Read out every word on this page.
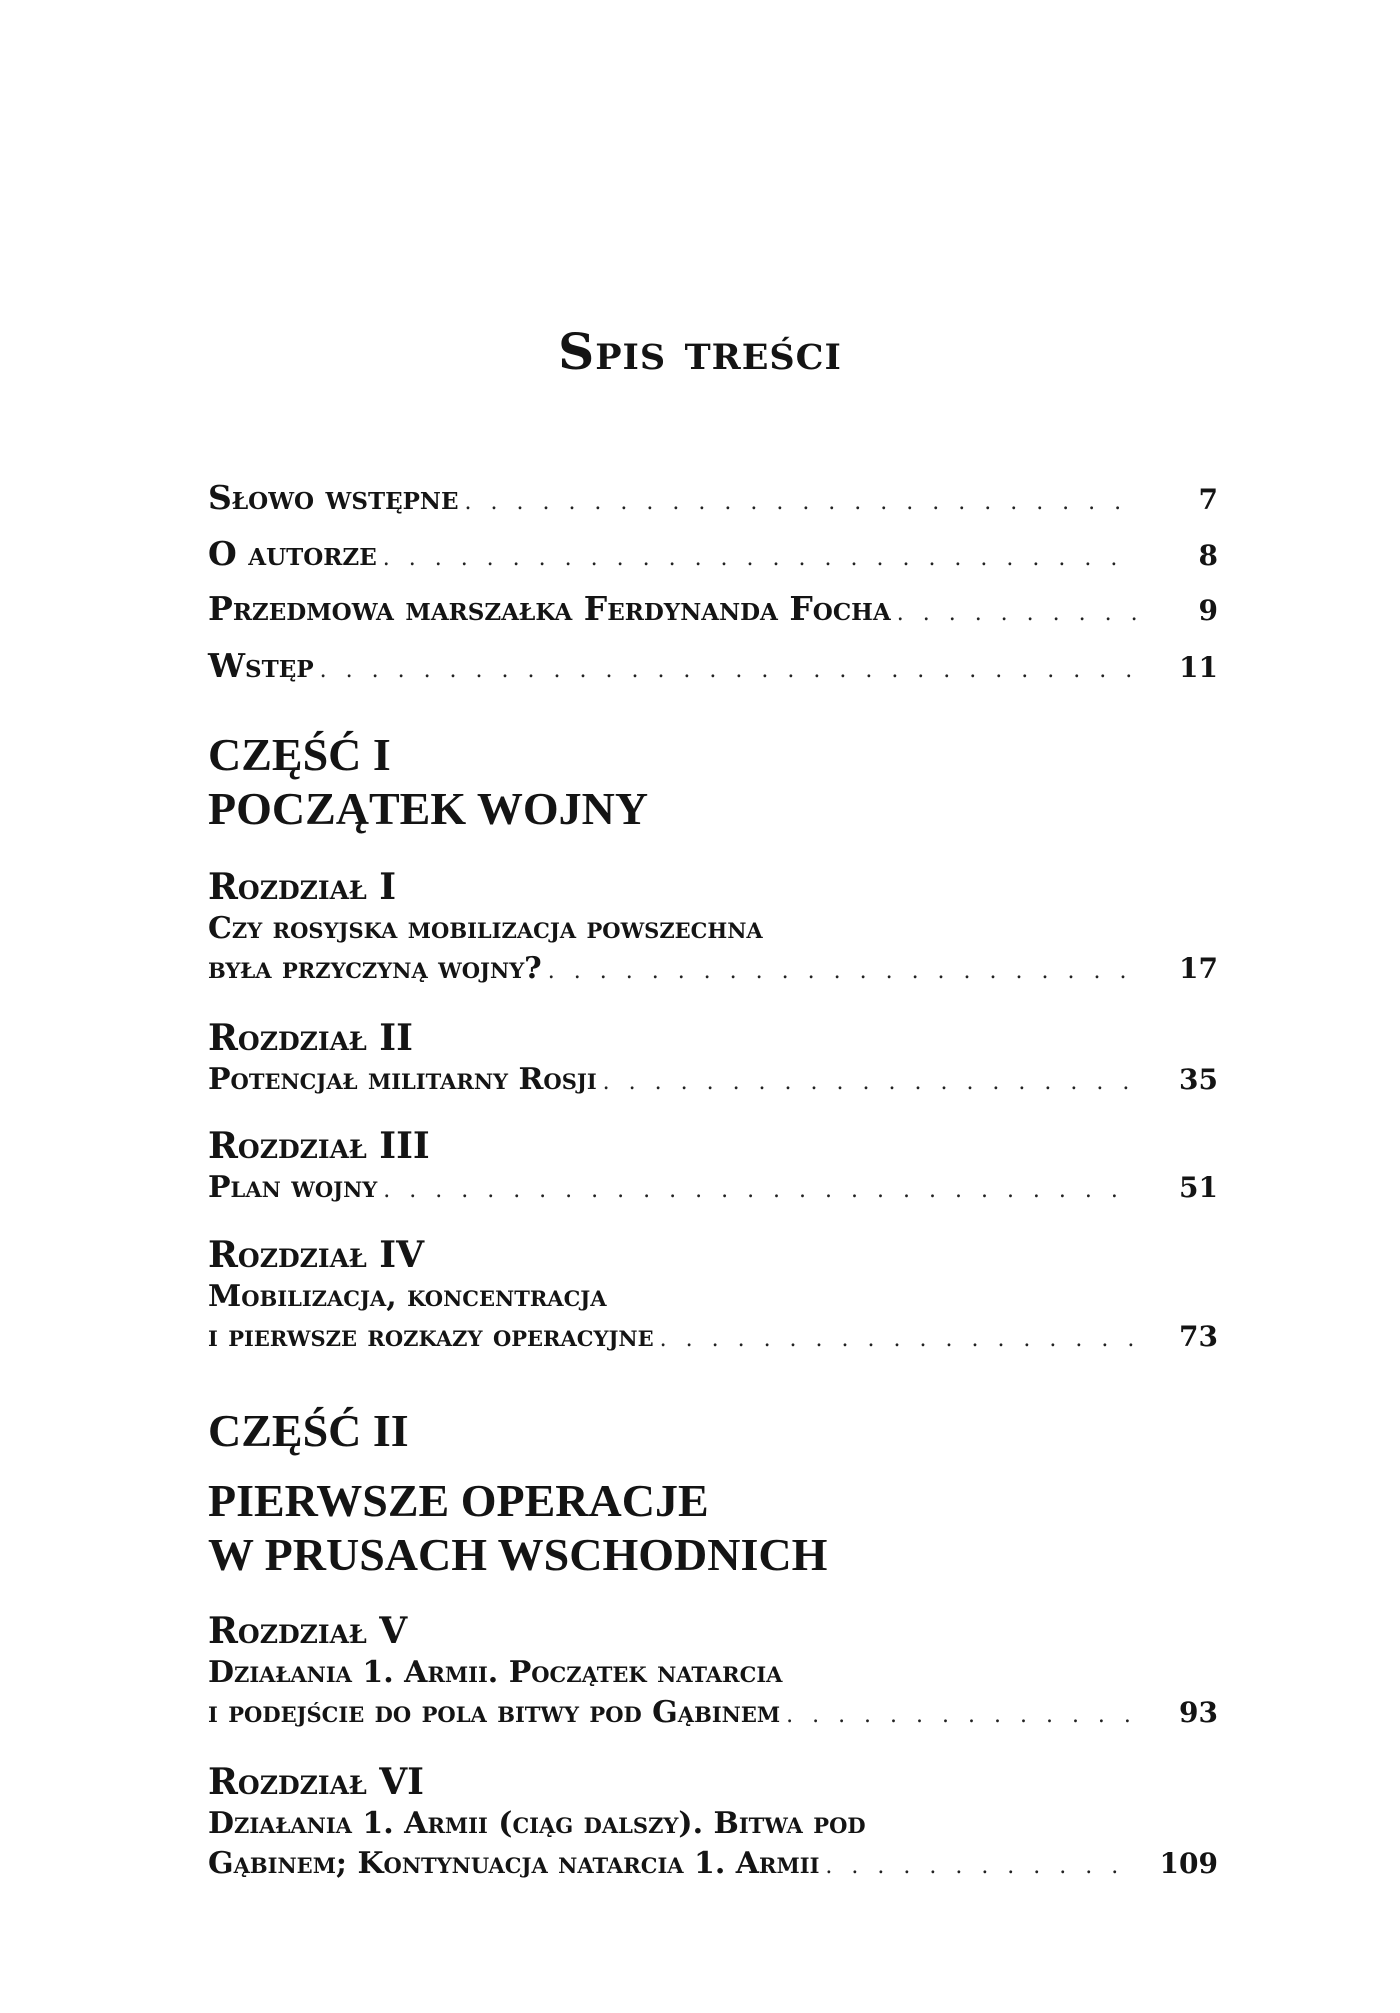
Spis treści
Słowo wstępne . . .	7
O autorze . . .	8
Przedmowa marszałka Ferdynanda Focha . . .	9
Wstęp . . .	11
CZĘŚĆ I
POCZĄTEK WOJNY
Rozdział I
Czy rosyjska mobilizacja powszechna
była przyczyną wojny? . . .	17
Rozdział II
Potencjał militarny Rosji . . .	35
Rozdział III
Plan wojny . . .	51
Rozdział IV
Mobilizacja, koncentracja
i pierwsze rozkazy operacyjne . . .	73
CZĘŚĆ II
PIERWSZE OPERACJE
W PRUSACH WSCHODNICH
Rozdział V
Działania 1. Armii. Początek natarcia
i podejście do pola bitwy pod Gąbinem . . .	93
Rozdział VI
Działania 1. Armii (ciąg dalszy). Bitwa pod
Gąbinem; Kontynuacja natarcia 1. Armii . . .	109
